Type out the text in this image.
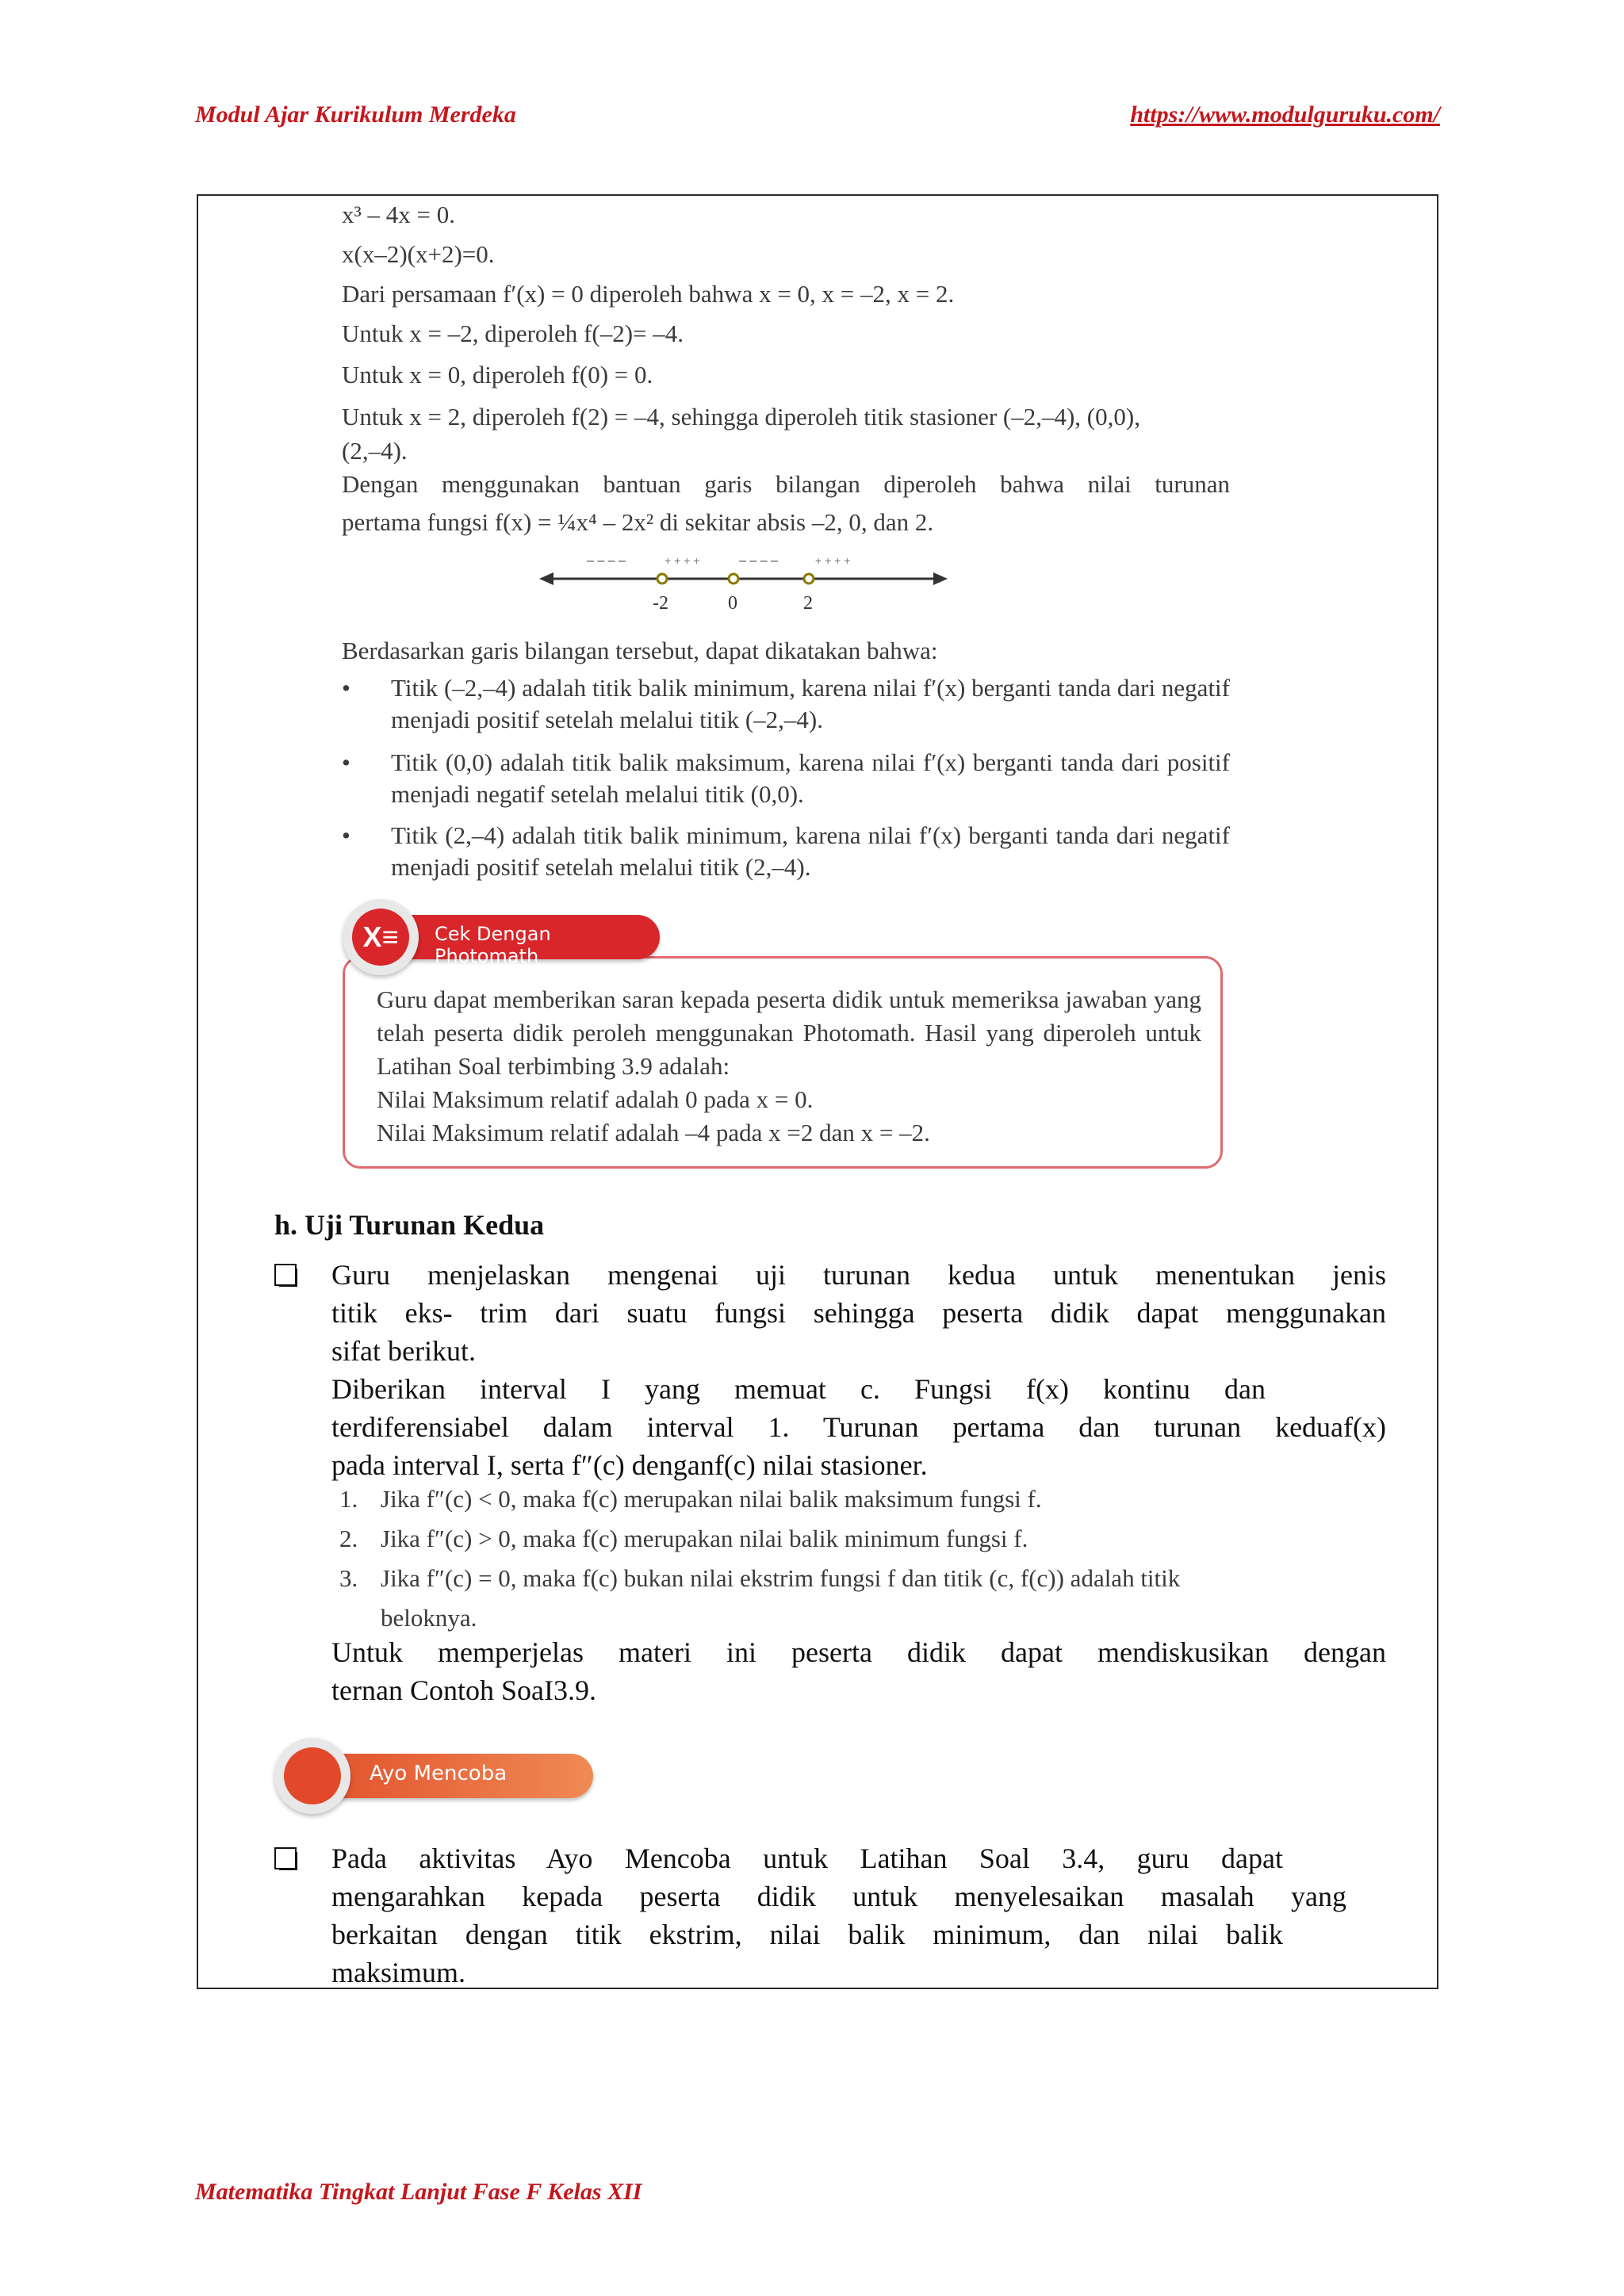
Modul Ajar Kurikulum Merdeka	https://www.modulguruku.com/

x³ – 4x = 0.

x(x–2)(x+2)=0.

Dari persamaan f′(x) = 0 diperoleh bahwa x = 0, x = –2, x = 2.

Untuk x = –2, diperoleh f(–2)= –4.

Untuk x = 0, diperoleh f(0) = 0.

Untuk x = 2, diperoleh f(2) = –4, sehingga diperoleh titik stasioner (–2,–4), (0,0),

(2,–4).

Dengan menggunakan bantuan garis bilangan diperoleh bahwa nilai turunan

pertama fungsi f(x) = ¼x⁴ – 2x² di sekitar absis –2, 0, dan 2.

– – – –	+ + + +	– – – –	+ + + +
-2	0	2

Berdasarkan garis bilangan tersebut, dapat dikatakan bahwa:

• Titik (–2,–4) adalah titik balik minimum, karena nilai f′(x) berganti tanda dari negatif menjadi positif setelah melalui titik (–2,–4).
• Titik (0,0) adalah titik balik maksimum, karena nilai f′(x) berganti tanda dari positif menjadi negatif setelah melalui titik (0,0).
• Titik (2,–4) adalah titik balik minimum, karena nilai f′(x) berganti tanda dari negatif menjadi positif setelah melalui titik (2,–4).
Cek Dengan Photomath
X≡
Guru dapat memberikan saran kepada peserta didik untuk memeriksa jawaban yang telah peserta didik peroleh menggunakan Photomath. Hasil yang diperoleh untuk Latihan Soal terbimbing 3.9 adalah:
Nilai Maksimum relatif adalah 0 pada x = 0.
Nilai Maksimum relatif adalah –4 pada x =2 dan x = –2.
h. Uji Turunan Kedua
Guru menjelaskan mengenai uji turunan kedua untuk menentukan jenis
titik eks- trim dari suatu fungsi sehingga peserta didik dapat menggunakan
sifat berikut.
Diberikan interval I yang memuat c. Fungsi f(x) kontinu dan
terdiferensiabel dalam interval 1. Turunan pertama dan turunan keduaf(x)
pada interval I, serta f″(c) denganf(c) nilai stasioner.
1. Jika f″(c) < 0, maka f(c) merupakan nilai balik maksimum fungsi f.
2. Jika f″(c) > 0, maka f(c) merupakan nilai balik minimum fungsi f.
3. Jika f″(c) = 0, maka f(c) bukan nilai ekstrim fungsi f dan titik (c, f(c)) adalah titik beloknya.
Untuk memperjelas materi ini peserta didik dapat mendiskusikan dengan
ternan Contoh SoaI3.9.
Ayo Mencoba
Pada aktivitas Ayo Mencoba untuk Latihan Soal 3.4, guru dapat
mengarahkan kepada peserta didik untuk menyelesaikan masalah yang
berkaitan dengan titik ekstrim, nilai balik minimum, dan nilai balik
maksimum.
Matematika Tingkat Lanjut Fase F Kelas XII
